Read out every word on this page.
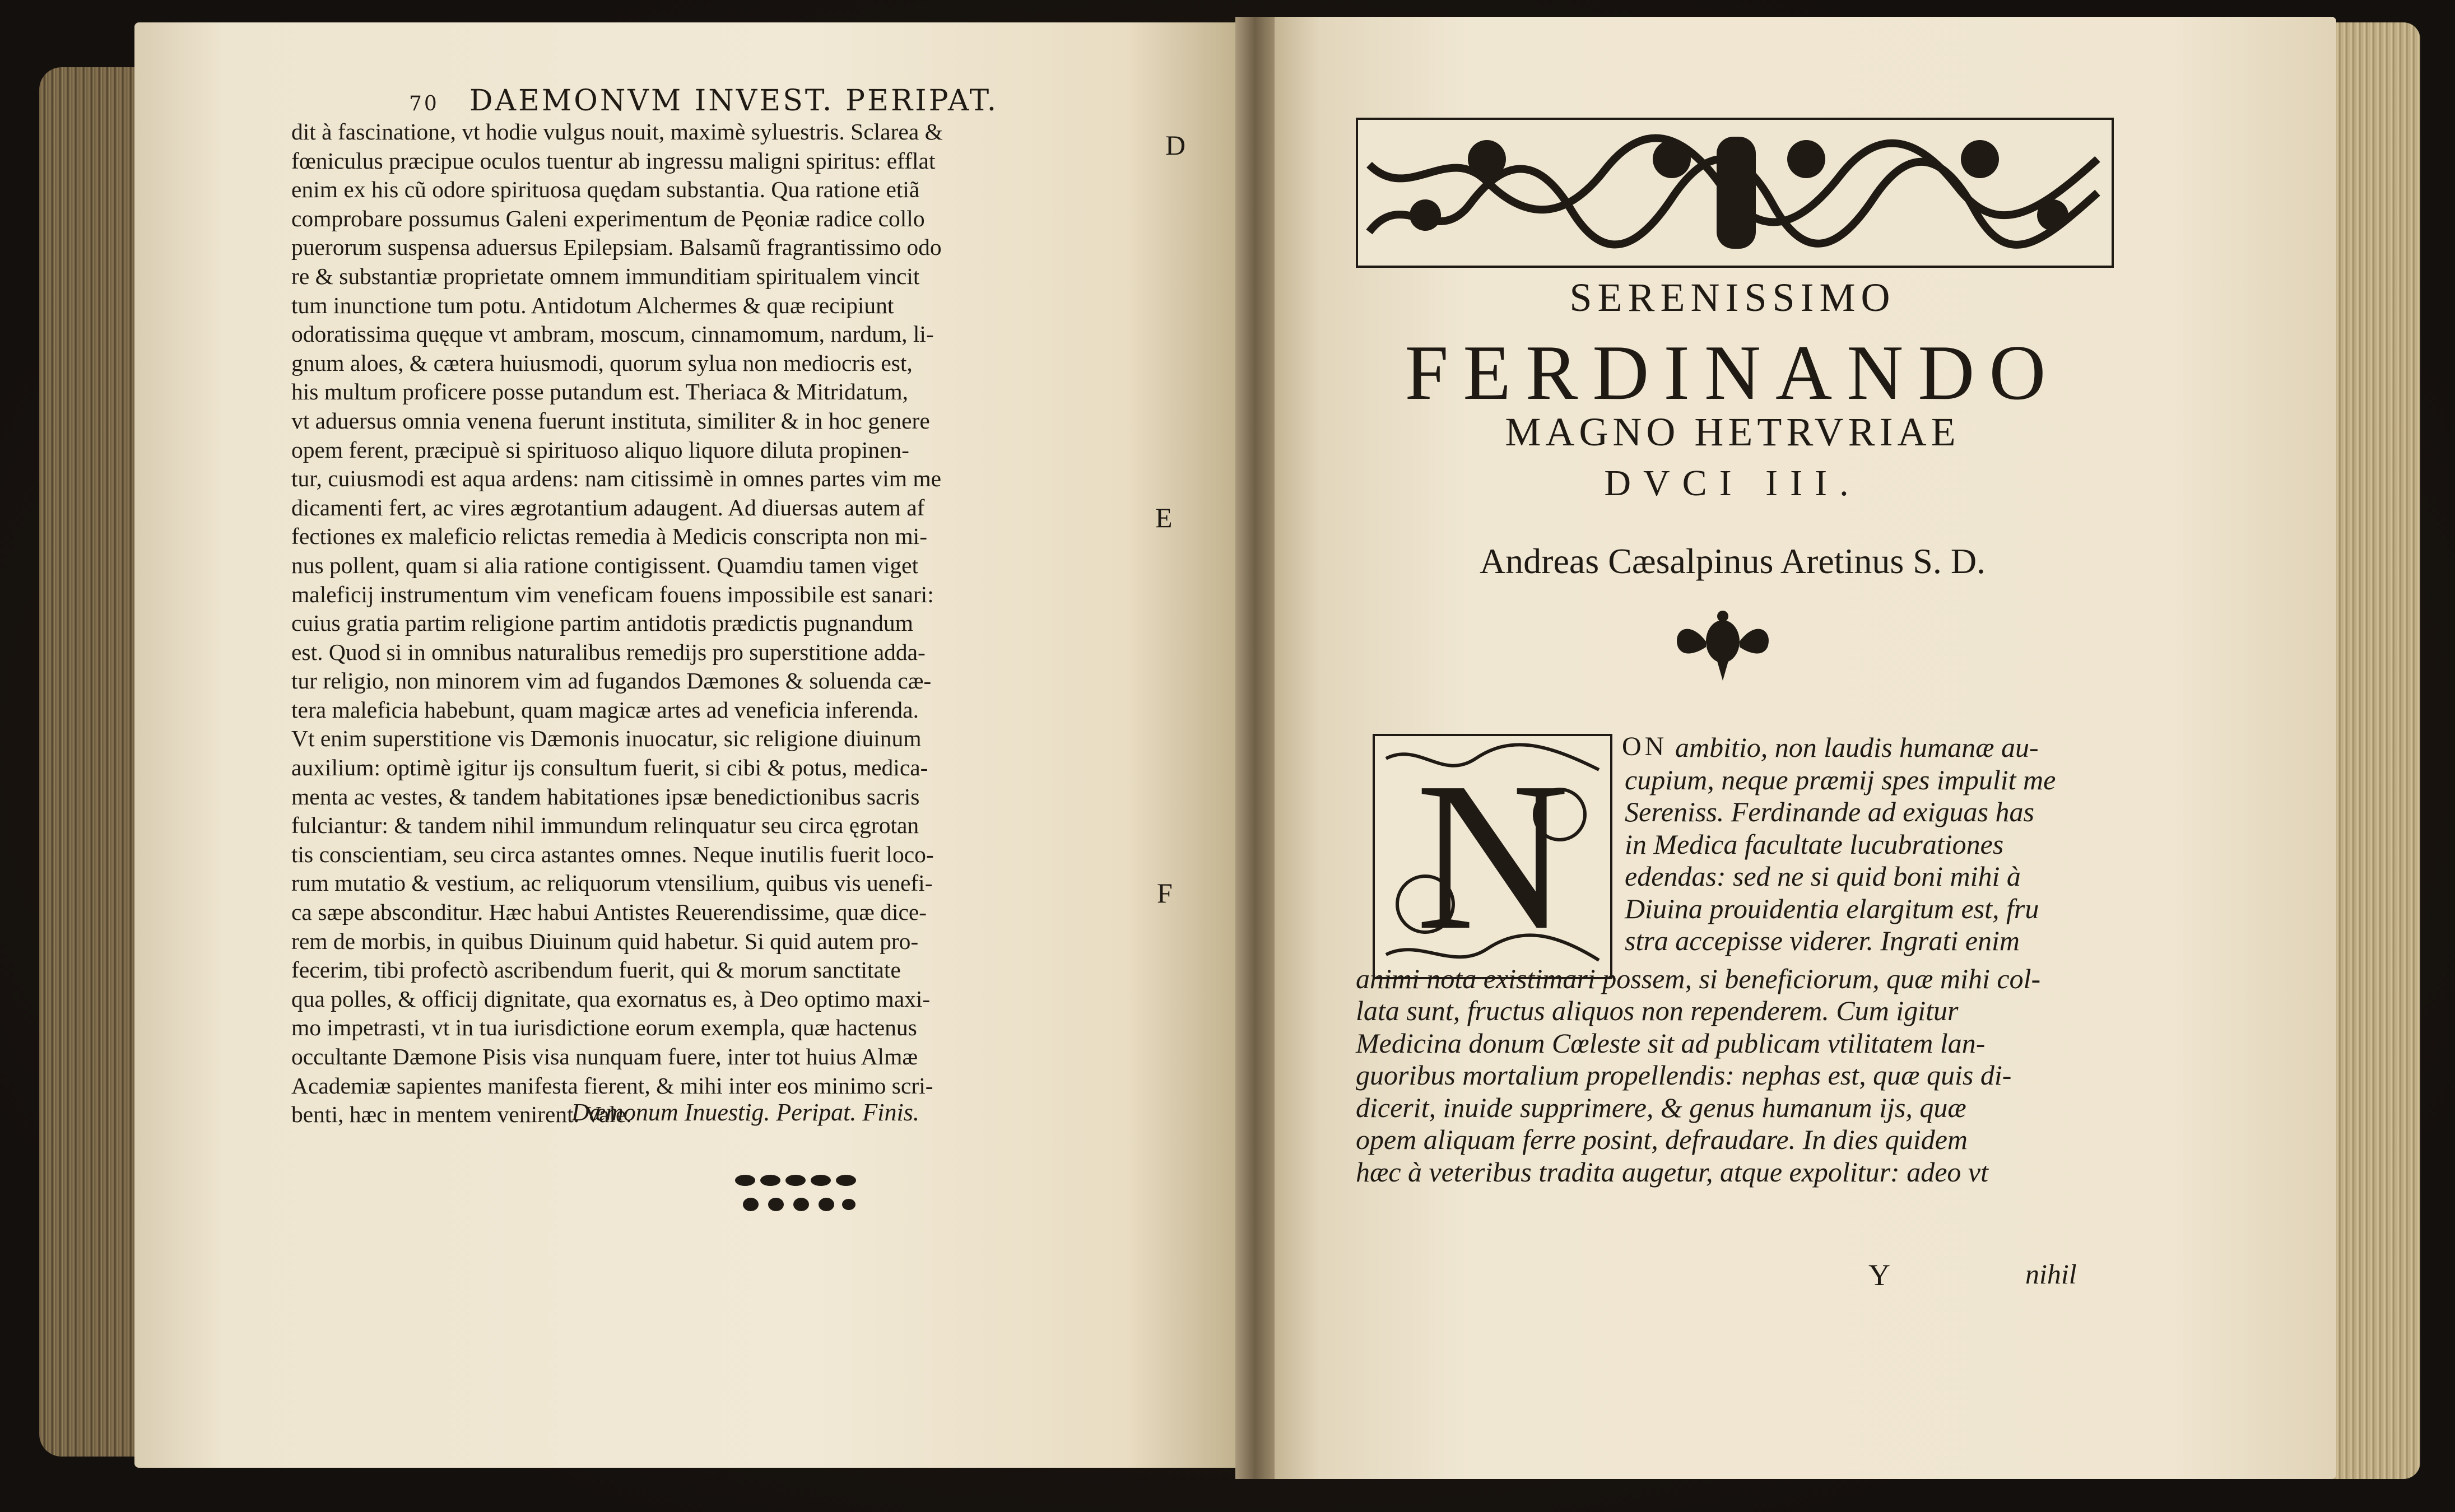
70 DAEMONVM INVEST. PERIPAT.
dit à fascinatione, vt hodie vulgus nouit, maximè syluestris. Sclarea &
fœniculus præcipue oculos tuentur ab ingressu maligni spiritus: efflat
enim ex his cũ odore spirituosa quędam substantia. Qua ratione etiã
comprobare possumus Galeni experimentum de Pęoniæ radice collo
puerorum suspensa aduersus Epilepsiam. Balsamũ fragrantissimo odo
re & substantiæ proprietate omnem immunditiam spiritualem vincit
tum inunctione tum potu. Antidotum Alchermes & quæ recipiunt
odoratissima quęque vt ambram, moscum, cinnamomum, nardum, li-
gnum aloes, & cætera huiusmodi, quorum sylua non mediocris est,
his multum proficere posse putandum est. Theriaca & Mitridatum,
vt aduersus omnia venena fuerunt instituta, similiter & in hoc genere
opem ferent, præcipuè si spirituoso aliquo liquore diluta propinen-
tur, cuiusmodi est aqua ardens: nam citissimè in omnes partes vim me
dicamenti fert, ac vires ægrotantium adaugent. Ad diuersas autem af
fectiones ex maleficio relictas remedia à Medicis conscripta non mi-
nus pollent, quam si alia ratione contigissent. Quamdiu tamen viget
maleficij instrumentum vim veneficam fouens impossibile est sanari:
cuius gratia partim religione partim antidotis prædictis pugnandum
est. Quod si in omnibus naturalibus remedijs pro superstitione adda-
tur religio, non minorem vim ad fugandos Dæmones & soluenda cæ-
tera maleficia habebunt, quam magicæ artes ad veneficia inferenda.
Vt enim superstitione vis Dæmonis inuocatur, sic religione diuinum
auxilium: optimè igitur ijs consultum fuerit, si cibi & potus, medica-
menta ac vestes, & tandem habitationes ipsæ benedictionibus sacris
fulciantur: & tandem nihil immundum relinquatur seu circa ęgrotan
tis conscientiam, seu circa astantes omnes. Neque inutilis fuerit loco-
rum mutatio & vestium, ac reliquorum vtensilium, quibus vis uenefi-
ca sæpe absconditur. Hæc habui Antistes Reuerendissime, quæ dice-
rem de morbis, in quibus Diuinum quid habetur. Si quid autem pro-
fecerim, tibi profectò ascribendum fuerit, qui & morum sanctitate
qua polles, & officij dignitate, qua exornatus es, à Deo optimo maxi-
mo impetrasti, vt in tua iurisdictione eorum exempla, quæ hactenus
occultante Dæmone Pisis visa nunquam fuere, inter tot huius Almæ
Academiæ sapientes manifesta fierent, & mihi inter eos minimo scri-
benti, hæc in mentem venirent. Vale.
D
E
F
Dæmonum Inuestig. Peripat. Finis.
SERENISSIMO
FERDINANDO
MAGNO HETRVRIAE
DVCI III.
Andreas Cæsalpinus Aretinus S. D.
N	ON ambitio, non laudis humanæ au-
cupium, neque præmij spes impulit me
Sereniss. Ferdinande ad exiguas has
in Medica facultate lucubrationes
edendas: sed ne si quid boni mihi à
Diuina prouidentia elargitum est, fru
stra accepisse viderer. Ingrati enim
animi nota existimari possem, si beneficiorum, quæ mihi col-
lata sunt, fructus aliquos non rependerem. Cum igitur
Medicina donum Cœleste sit ad publicam vtilitatem lan-
guoribus mortalium propellendis: nephas est, quæ quis di-
dicerit, inuide supprimere, & genus humanum ijs, quæ
opem aliquam ferre posint, defraudare. In dies quidem
hæc à veteribus tradita augetur, atque expolitur: adeo vt
Y	nihil
